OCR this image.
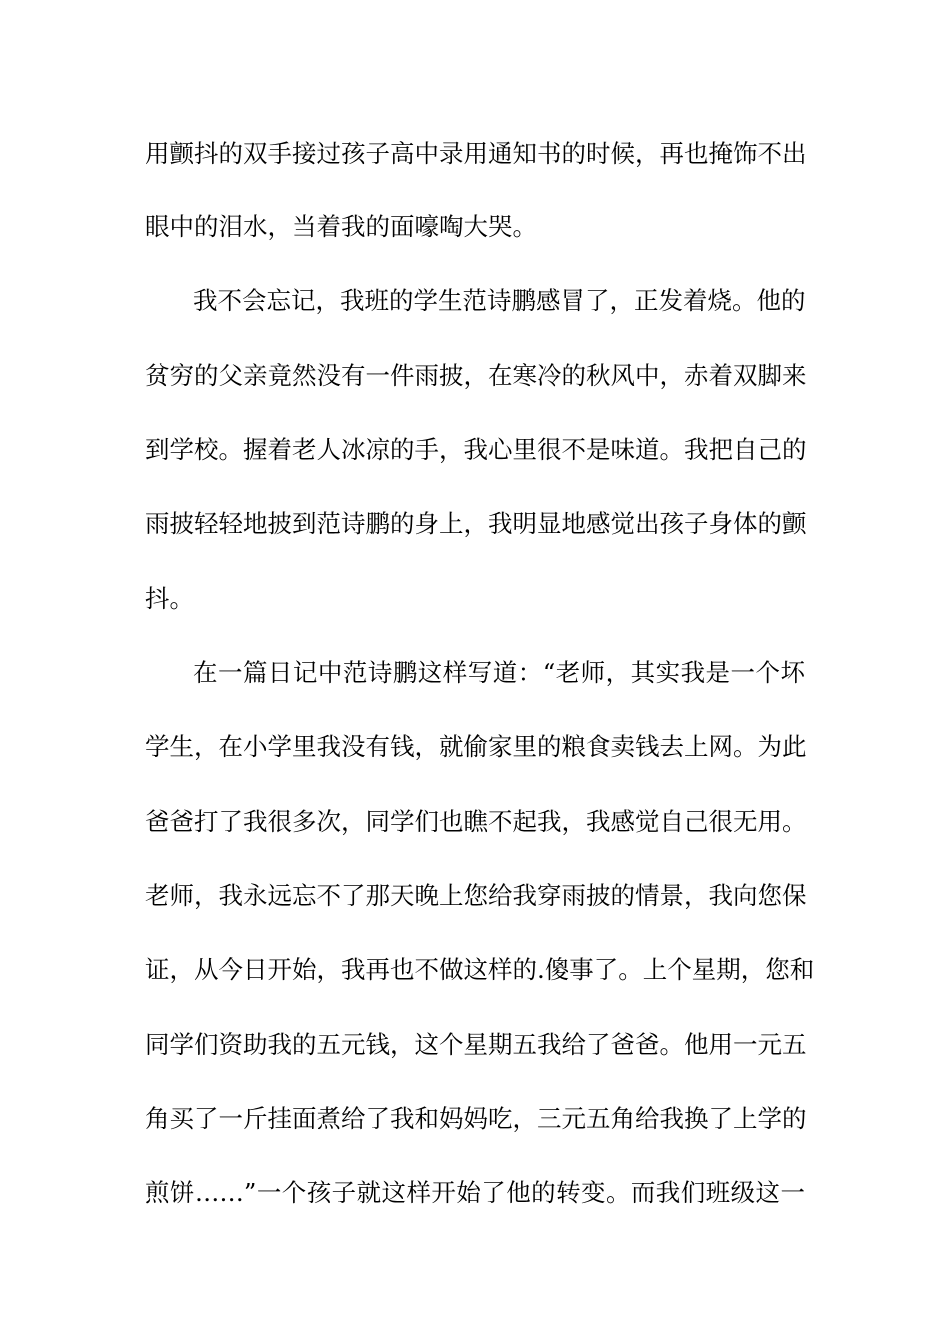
用颤抖的双手接过孩子高中录用通知书的时候，再也掩饰不出
眼中的泪水，当着我的面嚎啕大哭。
我不会忘记，我班的学生范诗鹏感冒了，正发着烧。他的
贫穷的父亲竟然没有一件雨披，在寒冷的秋风中，赤着双脚来
到学校。握着老人冰凉的手，我心里很不是味道。我把自己的
雨披轻轻地披到范诗鹏的身上，我明显地感觉出孩子身体的颤
抖。
在一篇日记中范诗鹏这样写道：“老师，其实我是一个坏
学生，在小学里我没有钱，就偷家里的粮食卖钱去上网。为此
爸爸打了我很多次，同学们也瞧不起我，我感觉自己很无用。
老师，我永远忘不了那天晚上您给我穿雨披的情景，我向您保
证，从今日开始，我再也不做这样的.傻事了。上个星期，您和
同学们资助我的五元钱，这个星期五我给了爸爸。他用一元五
角买了一斤挂面煮给了我和妈妈吃，三元五角给我换了上学的
煎饼……”一个孩子就这样开始了他的转变。而我们班级这一
